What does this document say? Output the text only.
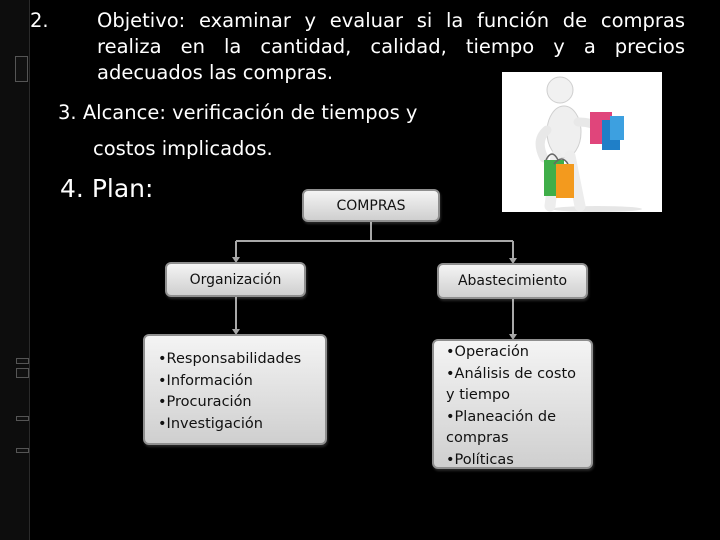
2. Objetivo: examinar y evaluar si la función de compras realiza en la cantidad, calidad, tiempo y a precios adecuados las compras.
3. Alcance: verificación de tiempos y
costos implicados.
4. Plan:
COMPRAS
Organización	Abastecimiento
•Responsabilidades
•Información
•Procuración
•Investigación
•Operación
•Análisis de costo y tiempo
•Planeación de compras
•Políticas
